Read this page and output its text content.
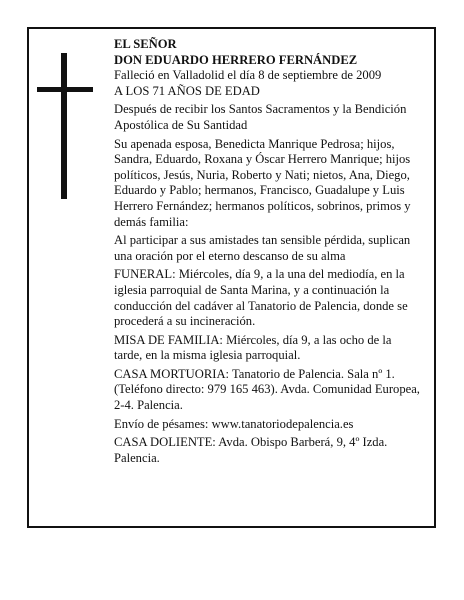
EL SEÑOR
DON EDUARDO HERRERO FERNÁNDEZ
Falleció en Valladolid el día 8 de septiembre de 2009

A LOS 71 AÑOS DE EDAD

Después de recibir los Santos Sacramentos y la Bendición Apostólica de Su Santidad

Su apenada esposa, Benedicta Manrique Pedrosa; hijos, Sandra, Eduardo, Roxana y Óscar Herrero Manrique; hijos políticos, Jesús, Nuria, Roberto y Nati; nietos, Ana, Diego, Eduardo y Pablo; hermanos, Francisco, Guadalupe y Luis Herrero Fernández; hermanos políticos, sobrinos, primos y demás familia:

Al participar a sus amistades tan sensible pérdida, suplican una oración por el eterno descanso de su alma

FUNERAL: Miércoles, día 9, a la una del mediodía, en la iglesia parroquial de Santa Marina, y a continuación la conducción del cadáver al Tanatorio de Palencia, donde se procederá a su incineración.

MISA DE FAMILIA: Miércoles, día 9, a las ocho de la tarde, en la misma iglesia parroquial.

CASA MORTUORIA: Tanatorio de Palencia. Sala nº 1. (Teléfono directo: 979 165 463). Avda. Comunidad Europea, 2-4. Palencia.

Envío de pésames: www.tanatoriodepalencia.es

CASA DOLIENTE: Avda. Obispo Barberá, 9, 4º Izda. Palencia.
